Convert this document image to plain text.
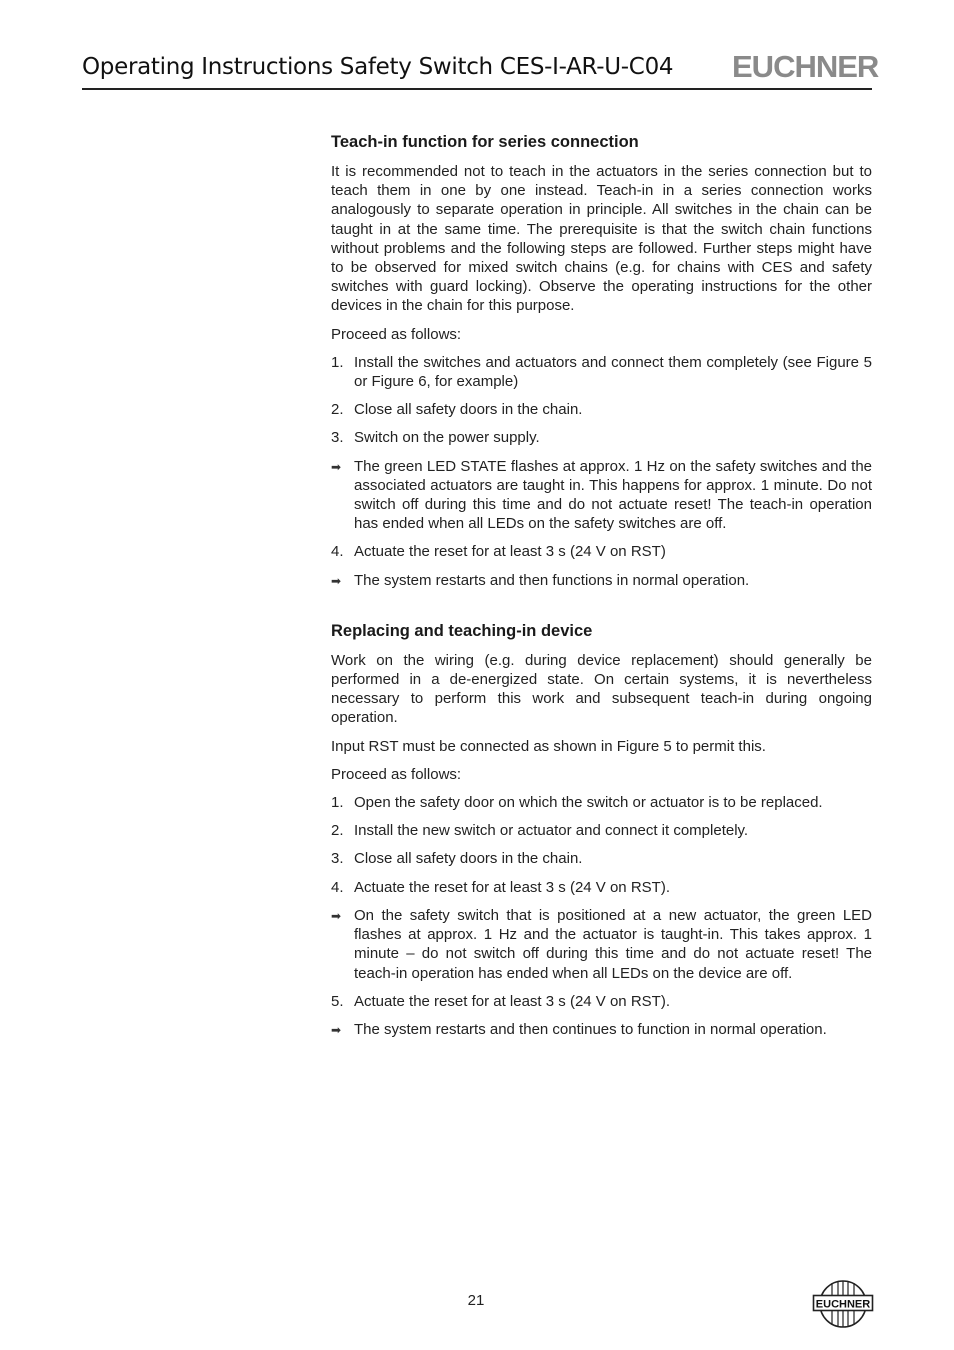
Operating Instructions Safety Switch CES-I-AR-U-C04 EUCHNER
Teach-in function for series connection

It is recommended not to teach in the actuators in the series connection but to teach them in one by one instead. Teach-in in a series connection works analogously to separate operation in principle. All switches in the chain can be taught in at the same time. The prerequisite is that the switch chain functions without problems and the following steps are followed. Further steps might have to be observed for mixed switch chains (e.g. for chains with CES and safety switches with guard locking). Observe the operating instructions for the other devices in the chain for this purpose.

Proceed as follows:

1. Install the switches and actuators and connect them completely (see Figure 5 or Figure 6, for example)
2. Close all safety doors in the chain.
3. Switch on the power supply.
➡ The green LED STATE flashes at approx. 1 Hz on the safety switches and the associated actuators are taught in. This happens for approx. 1 minute. Do not switch off during this time and do not actuate reset! The teach-in operation has ended when all LEDs on the safety switches are off.
4. Actuate the reset for at least 3 s (24 V on RST)
➡ The system restarts and then functions in normal operation.
Replacing and teaching-in device

Work on the wiring (e.g. during device replacement) should generally be performed in a de-energized state. On certain systems, it is nevertheless necessary to perform this work and subsequent teach-in during ongoing operation.

Input RST must be connected as shown in Figure 5 to permit this.

Proceed as follows:

1. Open the safety door on which the switch or actuator is to be replaced.
2. Install the new switch or actuator and connect it completely.
3. Close all safety doors in the chain.
4. Actuate the reset for at least 3 s (24 V on RST).
➡ On the safety switch that is positioned at a new actuator, the green LED flashes at approx. 1 Hz and the actuator is taught-in. This takes approx. 1 minute – do not switch off during this time and do not actuate reset! The teach-in operation has ended when all LEDs on the device are off.
5. Actuate the reset for at least 3 s (24 V on RST).
➡ The system restarts and then continues to function in normal operation.
21	EUCHNER
